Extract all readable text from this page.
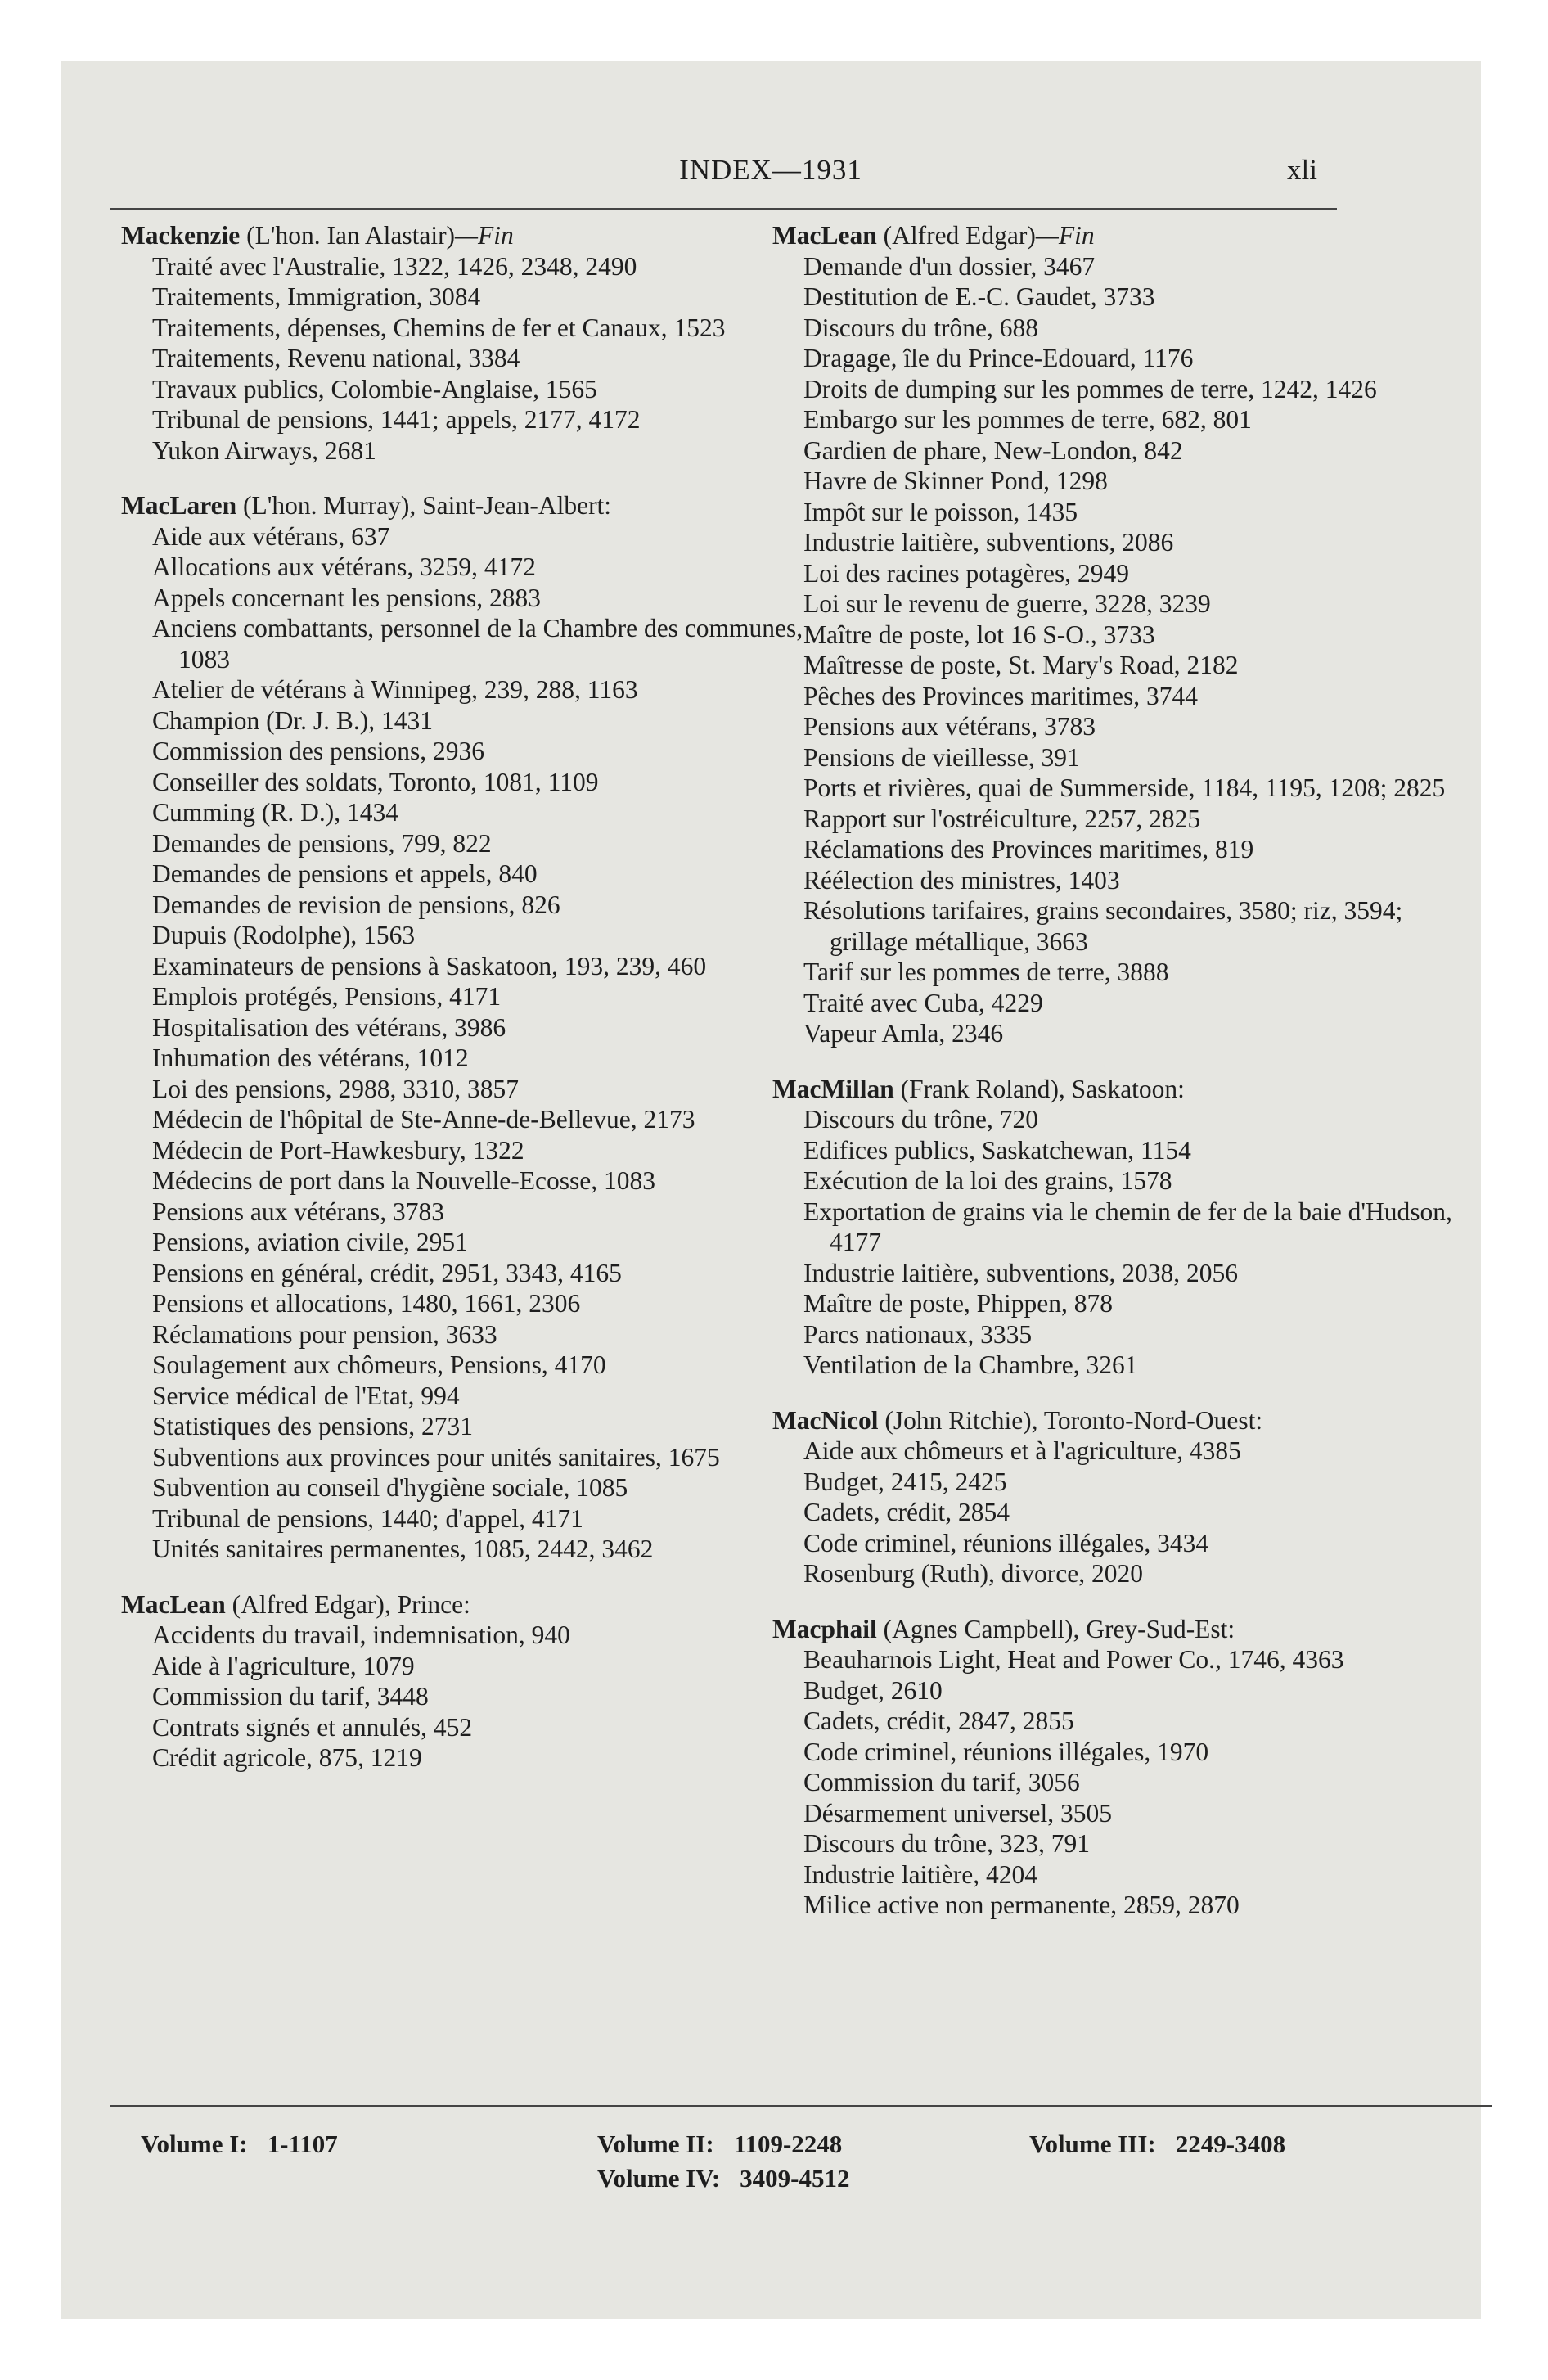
INDEX—1931	xli
Mackenzie (L'hon. Ian Alastair)—Fin
Traité avec l'Australie, 1322, 1426, 2348, 2490
Traitements, Immigration, 3084
Traitements, dépenses, Chemins de fer et Canaux, 1523
Traitements, Revenu national, 3384
Travaux publics, Colombie-Anglaise, 1565
Tribunal de pensions, 1441; appels, 2177, 4172
Yukon Airways, 2681
MacLaren (L'hon. Murray), Saint-Jean-Albert:
Aide aux vétérans, 637
Allocations aux vétérans, 3259, 4172
Appels concernant les pensions, 2883
Anciens combattants, personnel de la Chambre des communes, 1083
Atelier de vétérans à Winnipeg, 239, 288, 1163
Champion (Dr. J. B.), 1431
Commission des pensions, 2936
Conseiller des soldats, Toronto, 1081, 1109
Cumming (R. D.), 1434
Demandes de pensions, 799, 822
Demandes de pensions et appels, 840
Demandes de revision de pensions, 826
Dupuis (Rodolphe), 1563
Examinateurs de pensions à Saskatoon, 193, 239, 460
Emplois protégés, Pensions, 4171
Hospitalisation des vétérans, 3986
Inhumation des vétérans, 1012
Loi des pensions, 2988, 3310, 3857
Médecin de l'hôpital de Ste-Anne-de-Bellevue, 2173
Médecin de Port-Hawkesbury, 1322
Médecins de port dans la Nouvelle-Ecosse, 1083
Pensions aux vétérans, 3783
Pensions, aviation civile, 2951
Pensions en général, crédit, 2951, 3343, 4165
Pensions et allocations, 1480, 1661, 2306
Réclamations pour pension, 3633
Soulagement aux chômeurs, Pensions, 4170
Service médical de l'Etat, 994
Statistiques des pensions, 2731
Subventions aux provinces pour unités sanitaires, 1675
Subvention au conseil d'hygiène sociale, 1085
Tribunal de pensions, 1440; d'appel, 4171
Unités sanitaires permanentes, 1085, 2442, 3462
MacLean (Alfred Edgar), Prince:
Accidents du travail, indemnisation, 940
Aide à l'agriculture, 1079
Commission du tarif, 3448
Contrats signés et annulés, 452
Crédit agricole, 875, 1219
MacLean (Alfred Edgar)—Fin
Demande d'un dossier, 3467
Destitution de E.-C. Gaudet, 3733
Discours du trône, 688
Dragage, île du Prince-Edouard, 1176
Droits de dumping sur les pommes de terre, 1242, 1426
Embargo sur les pommes de terre, 682, 801
Gardien de phare, New-London, 842
Havre de Skinner Pond, 1298
Impôt sur le poisson, 1435
Industrie laitière, subventions, 2086
Loi des racines potagères, 2949
Loi sur le revenu de guerre, 3228, 3239
Maître de poste, lot 16 S-O., 3733
Maîtresse de poste, St. Mary's Road, 2182
Pêches des Provinces maritimes, 3744
Pensions aux vétérans, 3783
Pensions de vieillesse, 391
Ports et rivières, quai de Summerside, 1184, 1195, 1208; 2825
Rapport sur l'ostréiculture, 2257, 2825
Réclamations des Provinces maritimes, 819
Réélection des ministres, 1403
Résolutions tarifaires, grains secondaires, 3580; riz, 3594; grillage métallique, 3663
Tarif sur les pommes de terre, 3888
Traité avec Cuba, 4229
Vapeur Amla, 2346
MacMillan (Frank Roland), Saskatoon:
Discours du trône, 720
Edifices publics, Saskatchewan, 1154
Exécution de la loi des grains, 1578
Exportation de grains via le chemin de fer de la baie d'Hudson, 4177
Industrie laitière, subventions, 2038, 2056
Maître de poste, Phippen, 878
Parcs nationaux, 3335
Ventilation de la Chambre, 3261
MacNicol (John Ritchie), Toronto-Nord-Ouest:
Aide aux chômeurs et à l'agriculture, 4385
Budget, 2415, 2425
Cadets, crédit, 2854
Code criminel, réunions illégales, 3434
Rosenburg (Ruth), divorce, 2020
Macphail (Agnes Campbell), Grey-Sud-Est:
Beauharnois Light, Heat and Power Co., 1746, 4363
Budget, 2610
Cadets, crédit, 2847, 2855
Code criminel, réunions illégales, 1970
Commission du tarif, 3056
Désarmement universel, 3505
Discours du trône, 323, 791
Industrie laitière, 4204
Milice active non permanente, 2859, 2870
Volume I: 1-1107	Volume II: 1109-2248	Volume III: 2249-3408
Volume IV: 3409-4512
